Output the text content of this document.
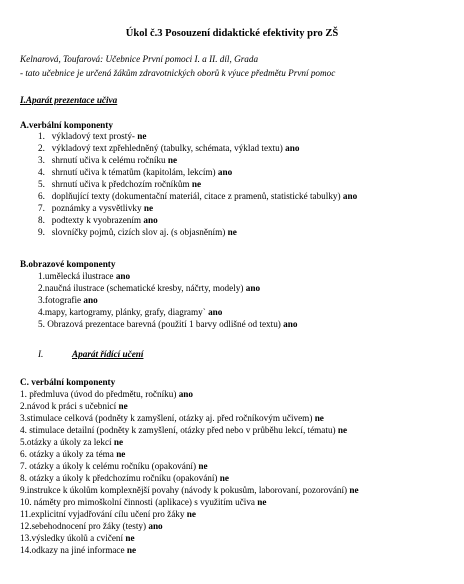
Úkol č.3 Posouzení didaktické efektivity pro ZŠ
Kelnarová, Toufarová: Učebnice První pomoci I. a II. díl, Grada
- tato učebnice je určená žákům zdravotnických oborů k výuce předmětu První pomoc
I.Aparát prezentace učiva
A.verbální komponenty
1. výkladový text prostý- ne
2. výkladový text zpřehledněný (tabulky, schémata, výklad textu) ano
3. shrnutí učiva k celému ročníku ne
4. shrnutí učiva k tématům (kapitolám, lekcím) ano
5. shrnutí učiva k předchozím ročníkům ne
6. doplňující texty (dokumentační materiál, citace z pramenů, statistické tabulky) ano
7. poznámky a vysvětlivky ne
8. podtexty k vyobrazením ano
9. slovníčky pojmů, cizích slov aj. (s objasněním) ne
B.obrazové komponenty
1.umělecká ilustrace ano
2.naučná ilustrace (schematické kresby, náčrty, modely) ano
3.fotografie ano
4.mapy, kartogramy, plánky, grafy, diagramy` ano
5. Obrazová prezentace barevná (použití 1 barvy odlišné od textu) ano
I.	Aparát řídící učení
C. verbální komponenty
1. předmluva (úvod do předmětu, ročníku) ano
2.návod k práci s učebnicí ne
3.stimulace celková (podněty k zamyšlení, otázky aj. před ročníkovým učivem) ne
4. stimulace detailní (podněty k zamyšlení, otázky před nebo v průběhu lekcí, tématu) ne
5.otázky a úkoly za lekcí ne
6. otázky a úkoly za téma ne
7. otázky a úkoly k celému ročníku (opakování) ne
8. otázky a úkoly k předchozímu ročníku (opakování) ne
9.instrukce k úkolům komplexnější povahy (návody k pokusům, laborovaní, pozorování) ne
10. náměty pro mimoškolní činnosti (aplikace) s využitím učiva ne
11.explicitní vyjadřování cílu učení pro žáky ne
12.sebehodnocení pro žáky (testy) ano
13.výsledky úkolů a cvičení ne
14.odkazy na jiné informace ne
